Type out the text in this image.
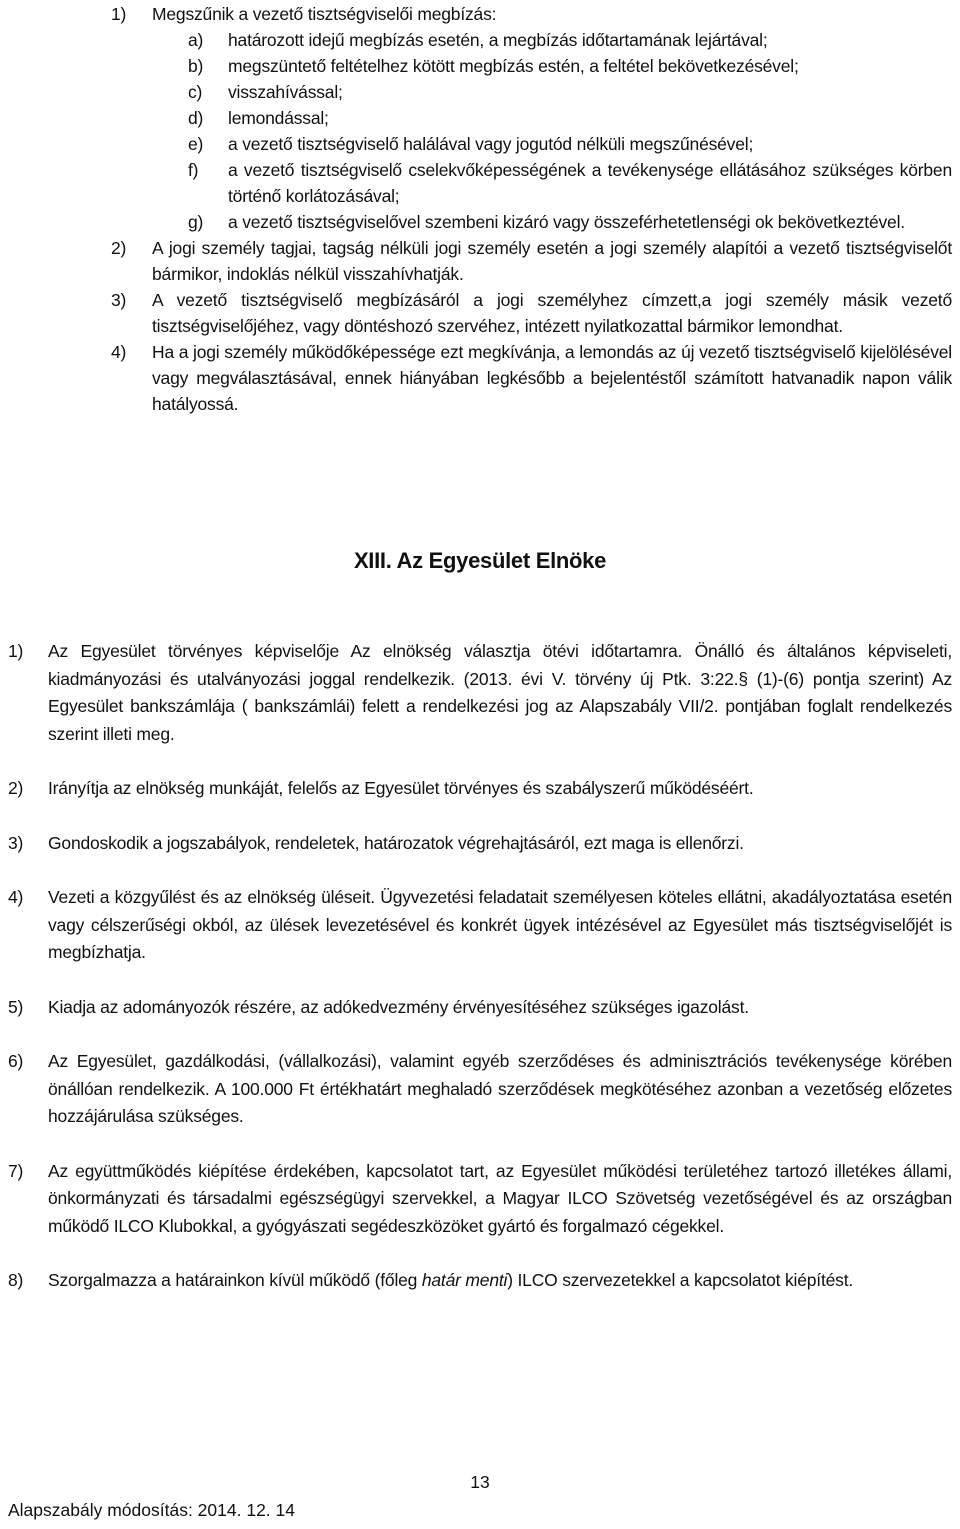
1) Megszűnik a vezető tisztségviselői megbízás:
a) határozott idejű megbízás esetén, a megbízás időtartamának lejártával;
b) megszüntető feltételhez kötött megbízás estén, a feltétel bekövetkezésével;
c) visszahívással;
d) lemondással;
e) a vezető tisztségviselő halálával vagy jogutód nélküli megszűnésével;
f) a vezető tisztségviselő cselekvőképességének a tevékenysége ellátásához szükséges körben történő korlátozásával;
g) a vezető tisztségviselővel szembeni kizáró vagy összeférhetetlenségi ok bekövetkeztével.
2) A jogi személy tagjai, tagság nélküli jogi személy esetén a jogi személy alapítói a vezető tisztségviselőt bármikor, indoklás nélkül visszahívhatják.
3) A vezető tisztségviselő megbízásáról a jogi személyhez címzett,a jogi személy másik vezető tisztségviselőjéhez, vagy döntéshozó szervéhez, intézett nyilatkozattal bármikor lemondhat.
4) Ha a jogi személy működőképessége ezt megkívánja, a lemondás az új vezető tisztségviselő kijelölésével vagy megválasztásával, ennek hiányában legkésőbb a bejelentéstől számított hatvanadik napon válik hatályossá.
XIII. Az Egyesület Elnöke
1) Az Egyesület törvényes képviselője Az elnökség választja ötévi időtartamra. Önálló és általános képviseleti, kiadmányozási és utalványozási joggal rendelkezik. (2013. évi V. törvény új Ptk. 3:22.§ (1)-(6) pontja szerint) Az Egyesület bankszámlája ( bankszámlái) felett a rendelkezési jog az Alapszabály VII/2. pontjában foglalt rendelkezés szerint illeti meg.
2) Irányítja az elnökség munkáját, felelős az Egyesület törvényes és szabályszerű működéséért.
3) Gondoskodik a jogszabályok, rendeletek, határozatok végrehajtásáról, ezt maga is ellenőrzi.
4) Vezeti a közgyűlést és az elnökség üléseit. Ügyvezetési feladatait személyesen köteles ellátni, akadályoztatása esetén vagy célszerűségi okból, az ülések levezetésével és konkrét ügyek intézésével az Egyesület más tisztségviselőjét is megbízhatja.
5) Kiadja az adományozók részére, az adókedvezmény érvényesítéséhez szükséges igazolást.
6) Az Egyesület, gazdálkodási, (vállalkozási), valamint egyéb szerződéses és adminisztrációs tevékenysége körében önállóan rendelkezik. A 100.000 Ft értékhatárt meghaladó szerződések megkötéséhez azonban a vezetőség előzetes hozzájárulása szükséges.
7) Az együttműködés kiépítése érdekében, kapcsolatot tart, az Egyesület működési területéhez tartozó illetékes állami, önkormányzati és társadalmi egészségügyi szervekkel, a Magyar ILCO Szövetség vezetőségével és az országban működő ILCO Klubokkal, a gyógyászati segédeszközöket gyártó és forgalmazó cégekkel.
8) Szorgalmazza a határainkon kívül működő (főleg határ menti) ILCO szervezetekkel a kapcsolatot kiépítést.
13
Alapszabály módosítás: 2014. 12. 14
